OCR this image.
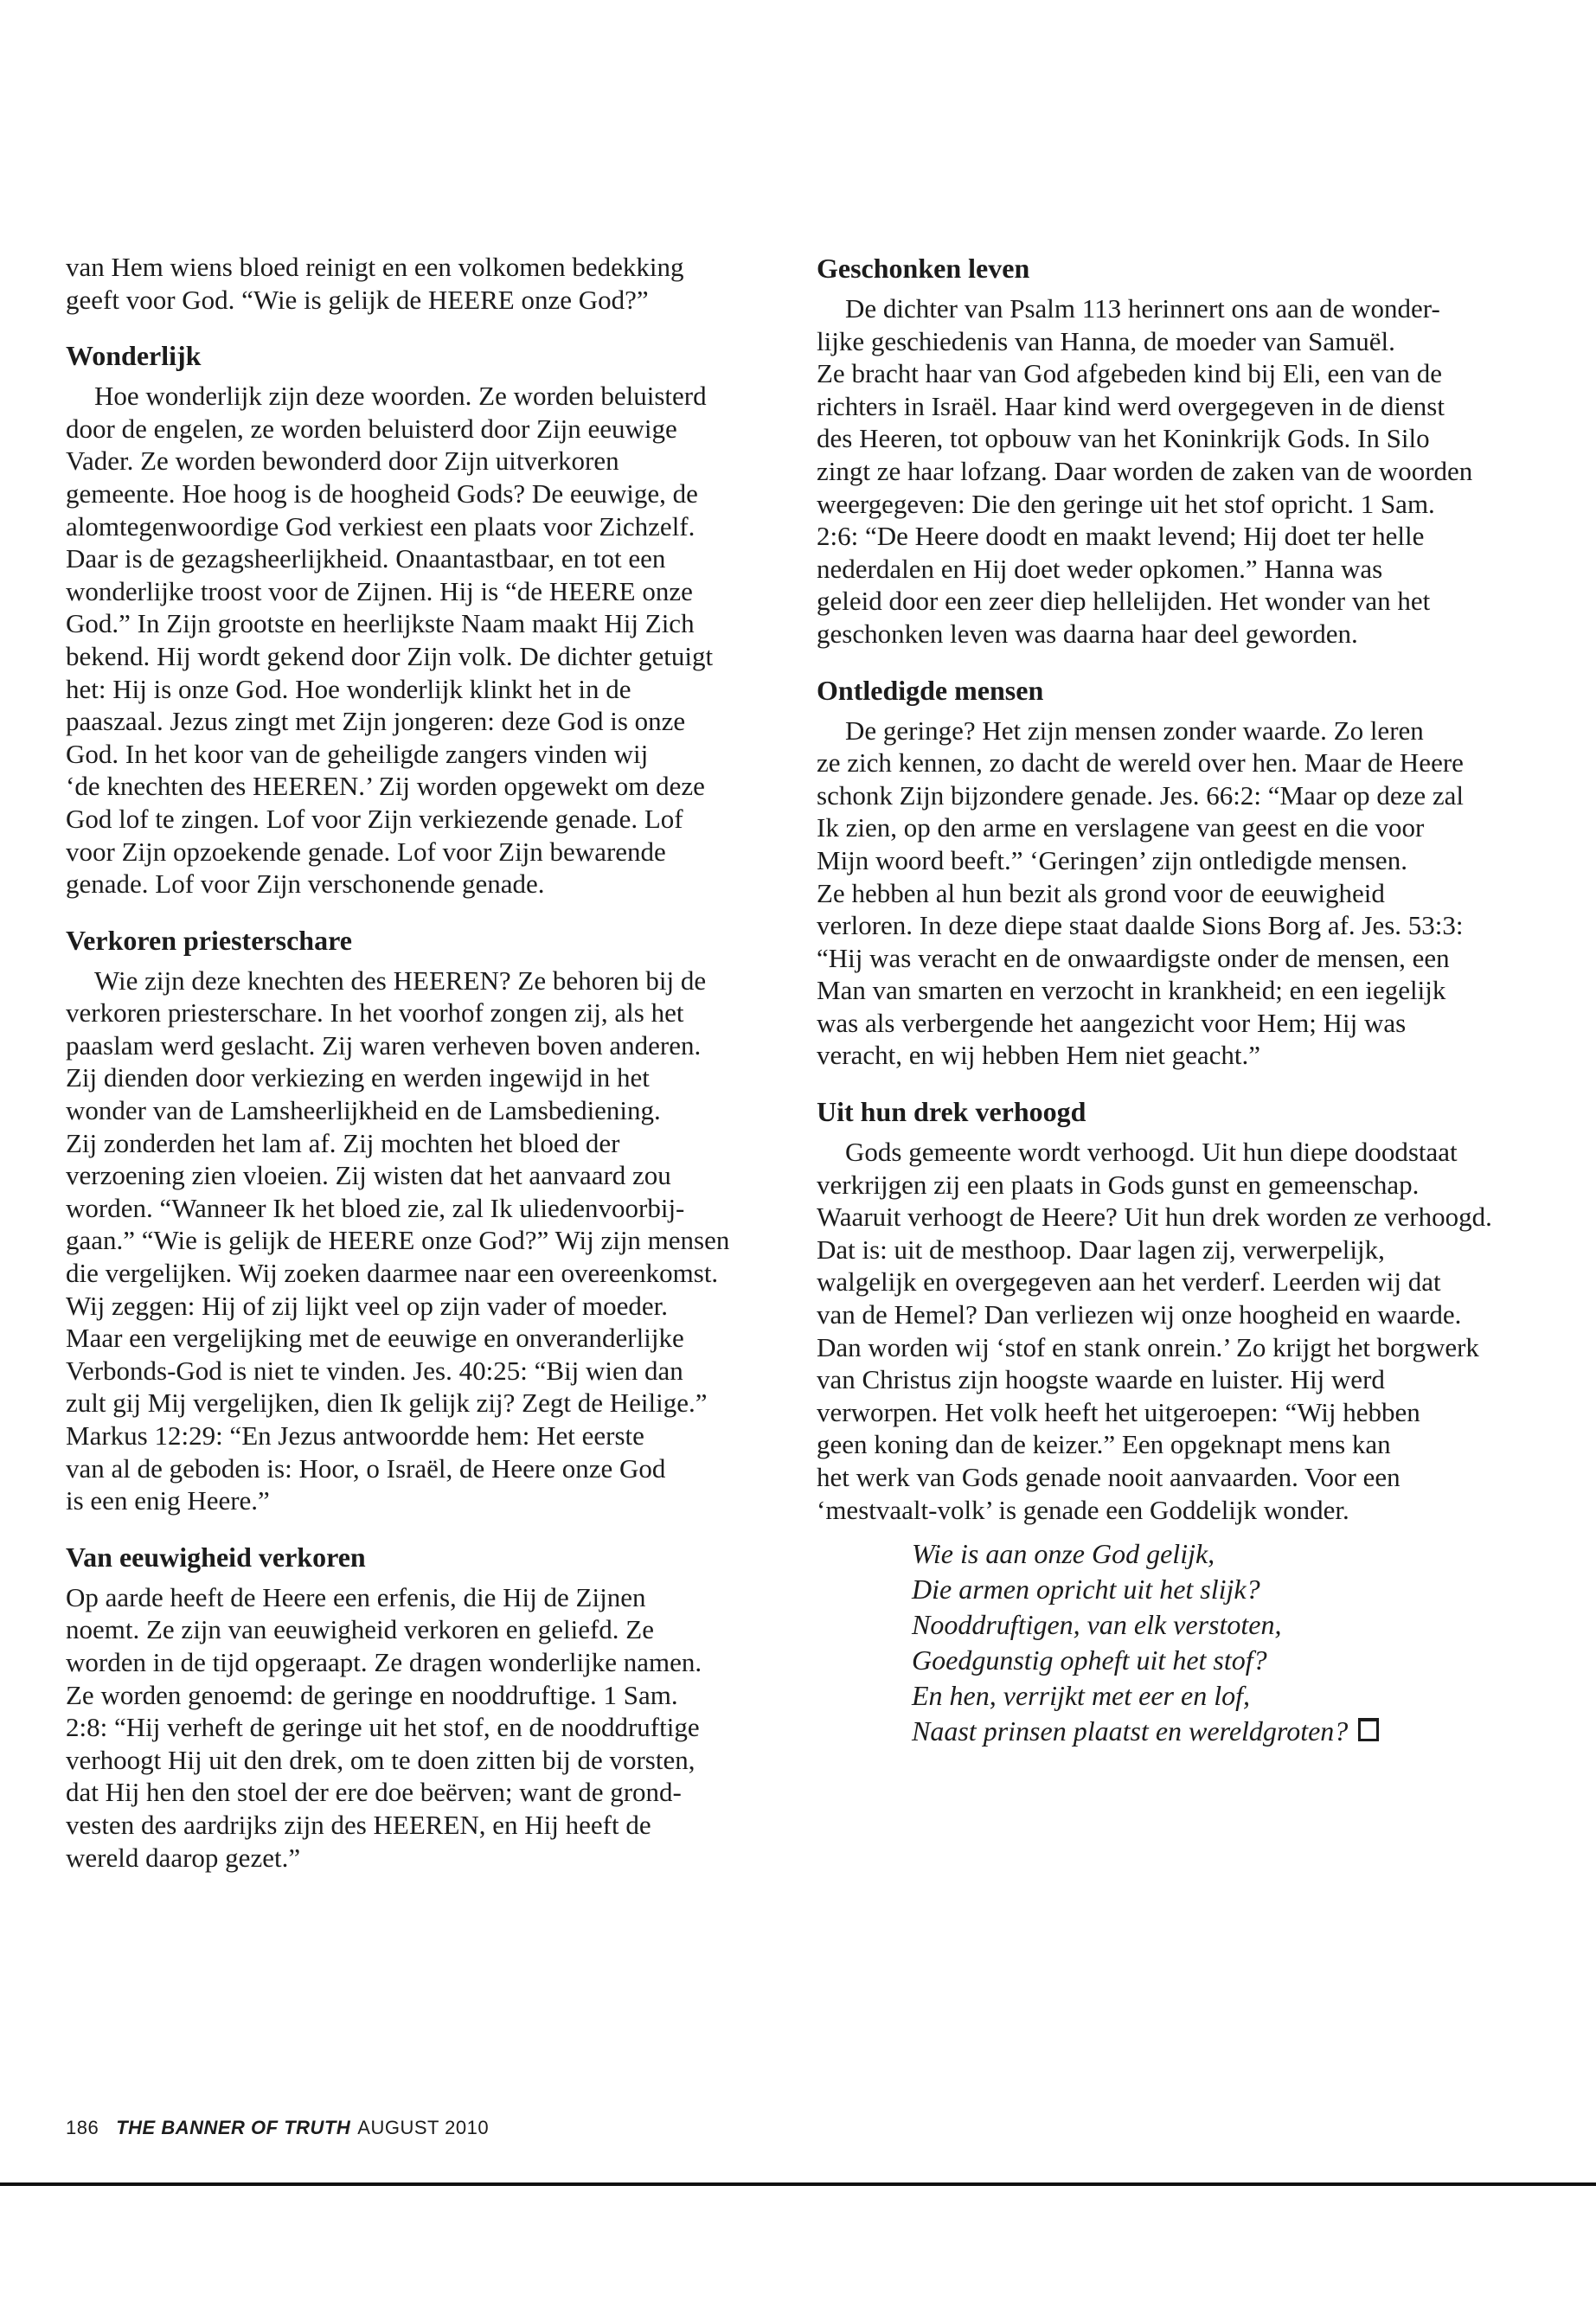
van Hem wiens bloed reinigt en een volkomen bedekking
geeft voor God. “Wie is gelijk de HEERE onze God?”

Wonderlijk

Hoe wonderlijk zijn deze woorden. Ze worden beluisterd
door de engelen, ze worden beluisterd door Zijn eeuwige
Vader. Ze worden bewonderd door Zijn uitverkoren
gemeente. Hoe hoog is de hoogheid Gods? De eeuwige, de
alomtegenwoordige God verkiest een plaats voor Zichzelf.
Daar is de gezagsheerlijkheid. Onaantastbaar, en tot een
wonderlijke troost voor de Zijnen. Hij is “de HEERE onze
God.” In Zijn grootste en heerlijkste Naam maakt Hij Zich
bekend. Hij wordt gekend door Zijn volk. De dichter getuigt
het: Hij is onze God. Hoe wonderlijk klinkt het in de
paaszaal. Jezus zingt met Zijn jongeren: deze God is onze
God. In het koor van de geheiligde zangers vinden wij
‘de knechten des HEEREN.’ Zij worden opgewekt om deze
God lof te zingen. Lof voor Zijn verkiezende genade. Lof
voor Zijn opzoekende genade. Lof voor Zijn bewarende
genade. Lof voor Zijn verschonende genade.

Verkoren priesterschare

Wie zijn deze knechten des HEEREN? Ze behoren bij de
verkoren priesterschare. In het voorhof zongen zij, als het
paaslam werd geslacht. Zij waren verheven boven anderen.
Zij dienden door verkiezing en werden ingewijd in het
wonder van de Lamsheerlijkheid en de Lamsbediening.
Zij zonderden het lam af. Zij mochten het bloed der
verzoening zien vloeien. Zij wisten dat het aanvaard zou
worden. “Wanneer Ik het bloed zie, zal Ik uliedenvoorbij-
gaan.” “Wie is gelijk de HEERE onze God?” Wij zijn mensen
die vergelijken. Wij zoeken daarmee naar een overeenkomst.
Wij zeggen: Hij of zij lijkt veel op zijn vader of moeder.
Maar een vergelijking met de eeuwige en onveranderlijke
Verbonds-God is niet te vinden. Jes. 40:25: “Bij wien dan
zult gij Mij vergelijken, dien Ik gelijk zij? Zegt de Heilige.”
Markus 12:29: “En Jezus antwoordde hem: Het eerste
van al de geboden is: Hoor, o Israël, de Heere onze God
is een enig Heere.”

Van eeuwigheid verkoren

Op aarde heeft de Heere een erfenis, die Hij de Zijnen
noemt. Ze zijn van eeuwigheid verkoren en geliefd. Ze
worden in de tijd opgeraapt. Ze dragen wonderlijke namen.
Ze worden genoemd: de geringe en nooddruftige. 1 Sam.
2:8: “Hij verheft de geringe uit het stof, en de nooddruftige
verhoogt Hij uit den drek, om te doen zitten bij de vorsten,
dat Hij hen den stoel der ere doe beërven; want de grond-
vesten des aardrijks zijn des HEEREN, en Hij heeft de
wereld daarop gezet.”

Geschonken leven

De dichter van Psalm 113 herinnert ons aan de wonder-
lijke geschiedenis van Hanna, de moeder van Samuël.
Ze bracht haar van God afgebeden kind bij Eli, een van de
richters in Israël. Haar kind werd overgegeven in de dienst
des Heeren, tot opbouw van het Koninkrijk Gods. In Silo
zingt ze haar lofzang. Daar worden de zaken van de woorden
weergegeven: Die den geringe uit het stof opricht. 1 Sam.
2:6: “De Heere doodt en maakt levend; Hij doet ter helle
nederdalen en Hij doet weder opkomen.” Hanna was
geleid door een zeer diep hellelijden. Het wonder van het
geschonken leven was daarna haar deel geworden.

Ontledigde mensen

De geringe? Het zijn mensen zonder waarde. Zo leren
ze zich kennen, zo dacht de wereld over hen. Maar de Heere
schonk Zijn bijzondere genade. Jes. 66:2: “Maar op deze zal
Ik zien, op den arme en verslagene van geest en die voor
Mijn woord beeft.” ‘Geringen’ zijn ontledigde mensen.
Ze hebben al hun bezit als grond voor de eeuwigheid
verloren. In deze diepe staat daalde Sions Borg af. Jes. 53:3:
“Hij was veracht en de onwaardigste onder de mensen, een
Man van smarten en verzocht in krankheid; en een iegelijk
was als verbergende het aangezicht voor Hem; Hij was
veracht, en wij hebben Hem niet geacht.”

Uit hun drek verhoogd

Gods gemeente wordt verhoogd. Uit hun diepe doodstaat
verkrijgen zij een plaats in Gods gunst en gemeenschap.
Waaruit verhoogt de Heere? Uit hun drek worden ze verhoogd.
Dat is: uit de mesthoop. Daar lagen zij, verwerpelijk,
walgelijk en overgegeven aan het verderf. Leerden wij dat
van de Hemel? Dan verliezen wij onze hoogheid en waarde.
Dan worden wij ‘stof en stank onrein.’ Zo krijgt het borgwerk
van Christus zijn hoogste waarde en luister. Hij werd
verworpen. Het volk heeft het uitgeroepen: “Wij hebben
geen koning dan de keizer.” Een opgeknapt mens kan
het werk van Gods genade nooit aanvaarden. Voor een
‘mestvaalt-volk’ is genade een Goddelijk wonder.

Wie is aan onze God gelijk,
Die armen opricht uit het slijk?
Nooddruftigen, van elk verstoten,
Goedgunstig opheft uit het stof?
En hen, verrijkt met eer en lof,
Naast prinsen plaatst en wereldgroten?
186 THE BANNER OF TRUTH AUGUST 2010
